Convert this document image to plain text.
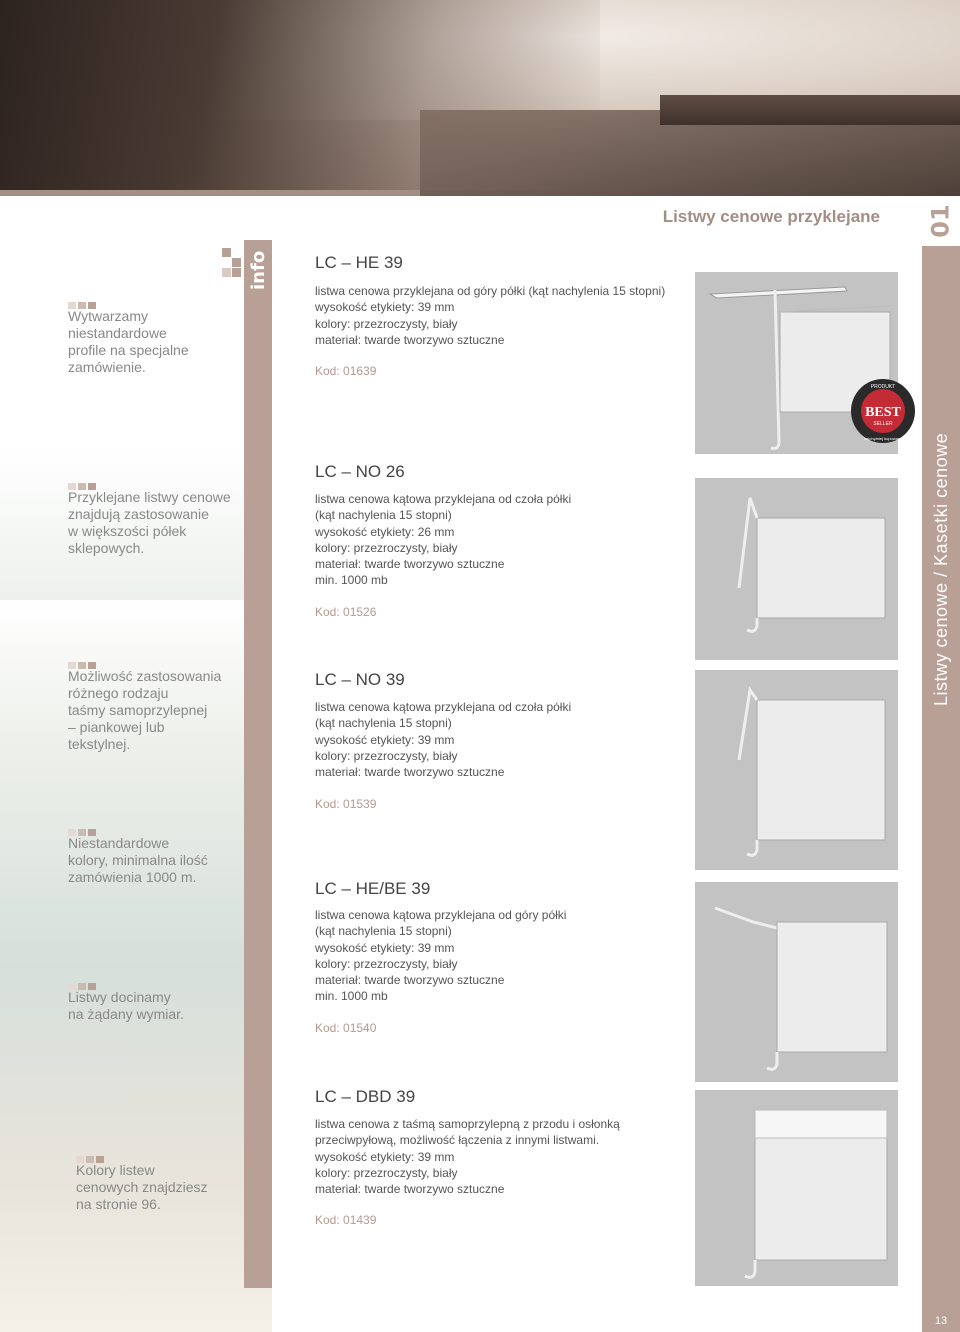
info
01
Listwy cenowe / Kasetki cenowe
13
Listwy cenowe przyklejane
Wytwarzamy
niestandardowe
profile na specjalne
zamówienie.
Przyklejane listwy cenowe
znajdują zastosowanie
w większości półek
sklepowych.
Możliwość zastosowania
różnego rodzaju
taśmy samoprzylepnej
– piankowej lub
tekstylnej.
Niestandardowe
kolory, minimalna ilość
zamówienia 1000 m.
Listwy docinamy
na żądany wymiar.
Kolory listew
cenowych znajdziesz
na stronie 96.
LC – HE 39
listwa cenowa przyklejana od góry półki (kąt nachylenia 15 stopni)
wysokość etykiety: 39 mm
kolory: przezroczysty, biały
materiał: twarde tworzywo sztuczne
Kod: 01639
LC – NO 26
listwa cenowa kątowa przyklejana od czoła półki
(kąt nachylenia 15 stopni)
wysokość etykiety: 26 mm
kolory: przezroczysty, biały
materiał: twarde tworzywo sztuczne
min. 1000 mb
Kod: 01526
LC – NO 39
listwa cenowa kątowa przyklejana od czoła półki
(kąt nachylenia 15 stopni)
wysokość etykiety: 39 mm
kolory: przezroczysty, biały
materiał: twarde tworzywo sztuczne
Kod: 01539
LC – HE/BE 39
listwa cenowa kątowa przyklejana od góry półki
(kąt nachylenia 15 stopni)
wysokość etykiety: 39 mm
kolory: przezroczysty, biały
materiał: twarde tworzywo sztuczne
min. 1000 mb
Kod: 01540
LC – DBD 39
listwa cenowa z taśmą samoprzylepną z przodu i osłonką
przeciwpyłową, możliwość łączenia z innymi listwami.
wysokość etykiety: 39 mm
kolory: przezroczysty, biały
materiał: twarde tworzywo sztuczne
Kod: 01439
BEST
SELLER
PRODUKT
najchętniej kupowany
